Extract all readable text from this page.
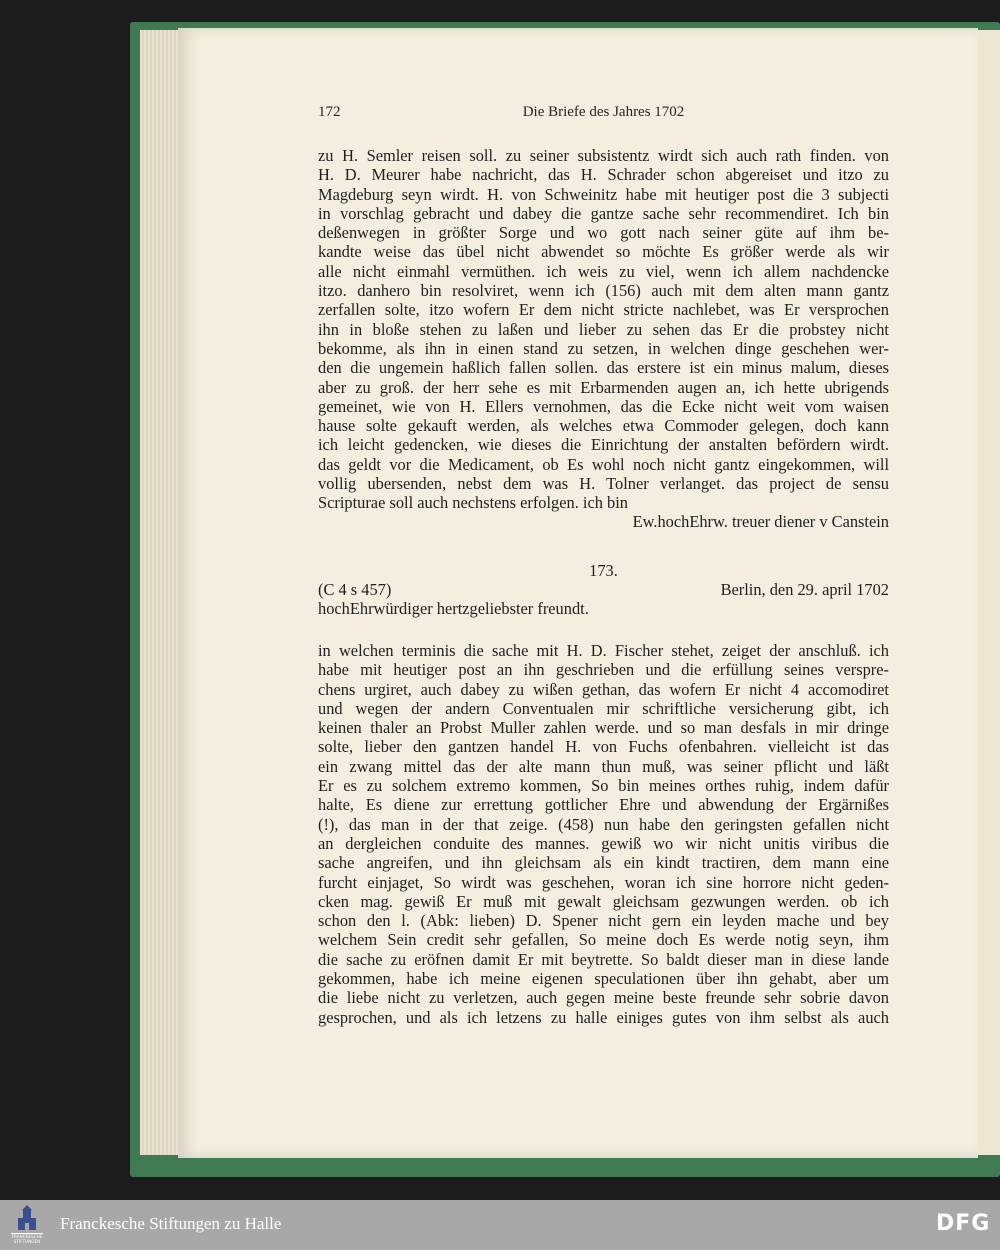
172	Die Briefe des Jahres 1702
zu H. Semler reisen soll. zu seiner subsistentz wirdt sich auch rath finden. von
H. D. Meurer habe nachricht, das H. Schrader schon abgereiset und itzo zu
Magdeburg seyn wirdt. H. von Schweinitz habe mit heutiger post die 3 subjecti
in vorschlag gebracht und dabey die gantze sache sehr recommendiret. Ich bin
deßenwegen in größter Sorge und wo gott nach seiner güte auf ihm be-
kandte weise das übel nicht abwendet so möchte Es größer werde als wir
alle nicht einmahl vermüthen. ich weis zu viel, wenn ich allem nachdencke
itzo. danhero bin resolviret, wenn ich (156) auch mit dem alten mann gantz
zerfallen solte, itzo wofern Er dem nicht stricte nachlebet, was Er versprochen
ihn in bloße stehen zu laßen und lieber zu sehen das Er die probstey nicht
bekomme, als ihn in einen stand zu setzen, in welchen dinge geschehen wer-
den die ungemein haßlich fallen sollen. das erstere ist ein minus malum, dieses
aber zu groß. der herr sehe es mit Erbarmenden augen an, ich hette ubrigends
gemeinet, wie von H. Ellers vernohmen, das die Ecke nicht weit vom waisen
hause solte gekauft werden, als welches etwa Commoder gelegen, doch kann
ich leicht gedencken, wie dieses die Einrichtung der anstalten befördern wirdt.
das geldt vor die Medicament, ob Es wohl noch nicht gantz eingekommen, will
vollig ubersenden, nebst dem was H. Tolner verlanget. das project de sensu
Scripturae soll auch nechstens erfolgen. ich bin
Ew.hochEhrw. treuer diener v Canstein
173.
(C 4 s 457)	Berlin, den 29. april 1702
hochEhrwürdiger hertzgeliebster freundt.
in welchen terminis die sache mit H. D. Fischer stehet, zeiget der anschluß. ich
habe mit heutiger post an ihn geschrieben und die erfüllung seines verspre-
chens urgiret, auch dabey zu wißen gethan, das wofern Er nicht 4 accomodiret
und wegen der andern Conventualen mir schriftliche versicherung gibt, ich
keinen thaler an Probst Muller zahlen werde. und so man desfals in mir dringe
solte, lieber den gantzen handel H. von Fuchs ofenbahren. vielleicht ist das
ein zwang mittel das der alte mann thun muß, was seiner pflicht und läßt
Er es zu solchem extremo kommen, So bin meines orthes ruhig, indem dafür
halte, Es diene zur errettung gottlicher Ehre und abwendung der Ergärnißes
(!), das man in der that zeige. (458) nun habe den geringsten gefallen nicht
an dergleichen conduite des mannes. gewiß wo wir nicht unitis viribus die
sache angreifen, und ihn gleichsam als ein kindt tractiren, dem mann eine
furcht einjaget, So wirdt was geschehen, woran ich sine horrore nicht geden-
cken mag. gewiß Er muß mit gewalt gleichsam gezwungen werden. ob ich
schon den l. (Abk: lieben) D. Spener nicht gern ein leyden mache und bey
welchem Sein credit sehr gefallen, So meine doch Es werde notig seyn, ihm
die sache zu eröfnen damit Er mit beytrette. So baldt dieser man in diese lande
gekommen, habe ich meine eigenen speculationen über ihn gehabt, aber um
die liebe nicht zu verletzen, auch gegen meine beste freunde sehr sobrie davon
gesprochen, und als ich letzens zu halle einiges gutes von ihm selbst als auch
FRANCKESCHE
STIFTUNGEN
Franckesche Stiftungen zu Halle	DFG
